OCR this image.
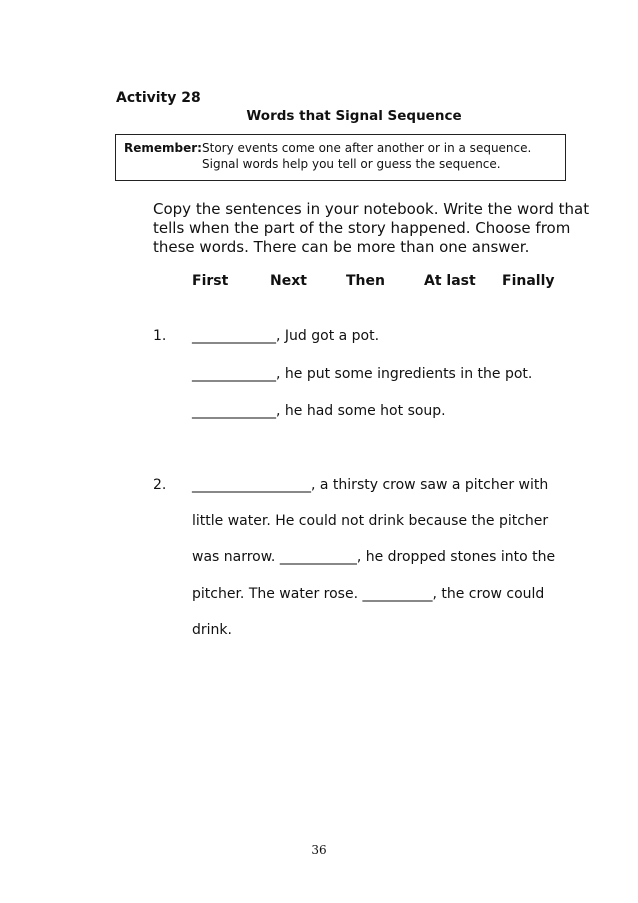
Activity 28
Words that Signal Sequence
Remember: Story events come one after another or in a sequence.
Signal words help you tell or guess the sequence.
Copy the sentences in your notebook. Write the word that
tells when the part of the story happened. Choose from
these words. There can be more than one answer.
First	Next	Then	At last Finally
1. ____________, Jud got a pot.
____________, he put some ingredients in the pot.
____________, he had some hot soup.
2. _________________, a thirsty crow saw a pitcher with
little water. He could not drink because the pitcher
was narrow. ___________, he dropped stones into the
pitcher. The water rose. __________, the crow could
drink.
36
